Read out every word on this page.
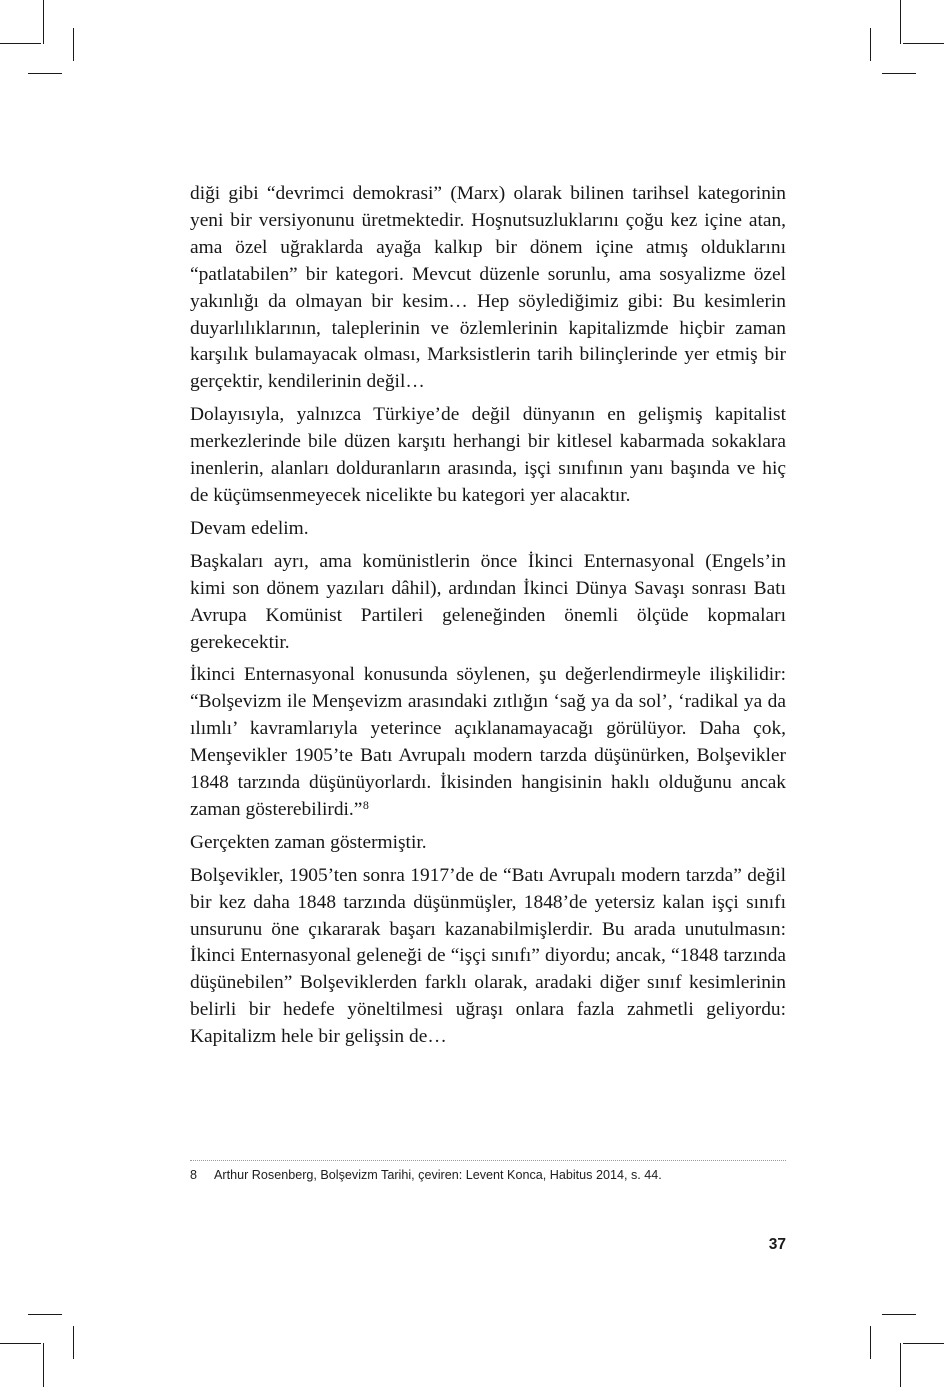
diği gibi “devrimci demokrasi” (Marx) olarak bilinen tarihsel kategorinin yeni bir versiyonunu üretmektedir. Hoşnutsuzluklarını çoğu kez içine atan, ama özel uğraklarda ayağa kalkıp bir dönem içine atmış olduklarını “patlatabilen” bir kategori. Mevcut düzenle sorunlu, ama sosyalizme özel yakınlığı da olmayan bir kesim… Hep söylediğimiz gibi: Bu kesimlerin duyarlılıklarının, taleplerinin ve özlemlerinin kapitalizmde hiçbir zaman karşılık bulamayacak olması, Marksistlerin tarih bilinçlerinde yer etmiş bir gerçektir, kendilerinin değil…

Dolayısıyla, yalnızca Türkiye’de değil dünyanın en gelişmiş kapitalist merkezlerinde bile düzen karşıtı herhangi bir kitlesel kabarmada sokaklara inenlerin, alanları dolduranların arasında, işçi sınıfının yanı başında ve hiç de küçümsenmeyecek nicelikte bu kategori yer alacaktır.

Devam edelim.

Başkaları ayrı, ama komünistlerin önce İkinci Enternasyonal (Engels’in kimi son dönem yazıları dâhil), ardından İkinci Dünya Savaşı sonrası Batı Avrupa Komünist Partileri geleneğinden önemli ölçüde kopmaları gerekecektir.

İkinci Enternasyonal konusunda söylenen, şu değerlendirmeyle ilişkilidir: “Bolşevizm ile Menşevizm arasındaki zıtlığın ‘sağ ya da sol’, ‘radikal ya da ılımlı’ kavramlarıyla yeterince açıklanamayacağı görülüyor. Daha çok, Menşevikler 1905’te Batı Avrupalı modern tarzda düşünürken, Bolşevikler 1848 tarzında düşünüyorlardı. İkisinden hangisinin haklı olduğunu ancak zaman gösterebilirdi.”$^8$

Gerçekten zaman göstermiştir.

Bolşevikler, 1905’ten sonra 1917’de de “Batı Avrupalı modern tarzda” değil bir kez daha 1848 tarzında düşünmüşler, 1848’de yetersiz kalan işçi sınıfı unsurunu öne çıkararak başarı kazanabilmişlerdir. Bu arada unutulmasın: İkinci Enternasyonal geleneği de “işçi sınıfı” diyordu; ancak, “1848 tarzında düşünebilen” Bolşeviklerden farklı olarak, aradaki diğer sınıf kesimlerinin belirli bir hedefe yöneltilmesi uğraşı onlara fazla zahmetli geliyordu: Kapitalizm hele bir gelişsin de…

8 Arthur Rosenberg, Bolşevizm Tarihi, çeviren: Levent Konca, Habitus 2014, s. 44.
37
